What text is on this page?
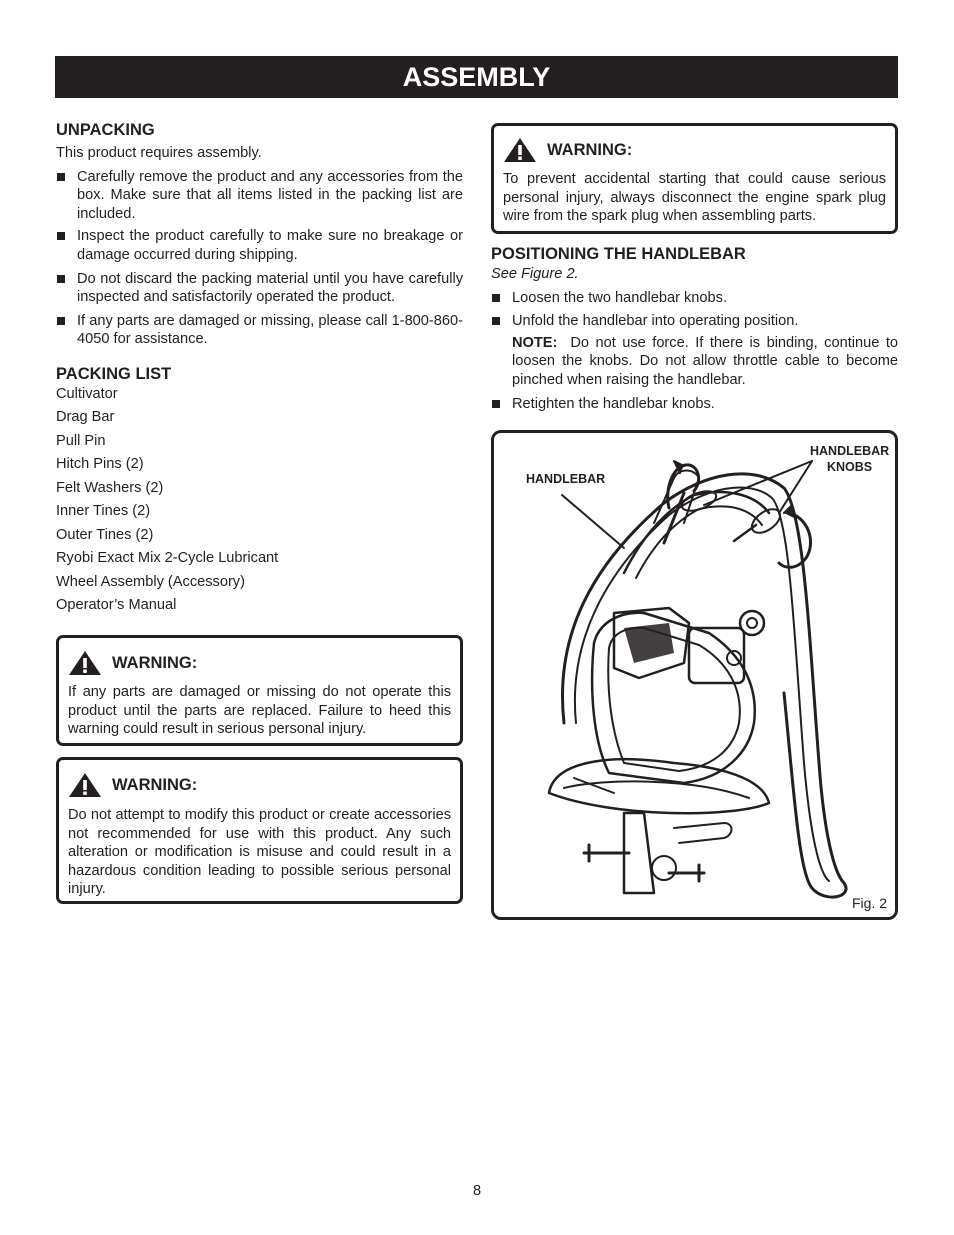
ASSEMBLY
UNPACKING

This product requires assembly.

Carefully remove the product and any accessories from the box. Make sure that all items listed in the packing list are included.
Inspect the product carefully to make sure no breakage or damage occurred during shipping.
Do not discard the packing material until you have carefully inspected and satisfactorily operated the product.
If any parts are damaged or missing, please call 1-800-860-4050 for assistance.
PACKING LIST
Cultivator
Drag Bar
Pull Pin
Hitch Pins (2)
Felt Washers (2)
Inner Tines (2)
Outer Tines (2)
Ryobi Exact Mix 2-Cycle Lubricant
Wheel Assembly (Accessory)
Operator’s Manual
WARNING:

If any parts are damaged or missing do not operate this product until the parts are replaced. Failure to heed this warning could result in serious personal injury.

WARNING:

Do not attempt to modify this product or create accessories not recommended for use with this product. Any such alteration or modification is misuse and could result in a hazardous condition leading to possible serious personal injury.

WARNING:

To prevent accidental starting that could cause serious personal injury, always disconnect the engine spark plug wire from the spark plug when assembling parts.

POSITIONING THE HANDLEBAR

See Figure 2.

Loosen the two handlebar knobs.
Unfold the handlebar into operating position.

NOTE: Do not use force. If there is binding, continue to loosen the knobs. Do not allow throttle cable to become pinched when raising the handlebar.

Retighten the handlebar knobs.
HANDLEBAR
HANDLEBAR
KNOBS
Fig. 2
8
